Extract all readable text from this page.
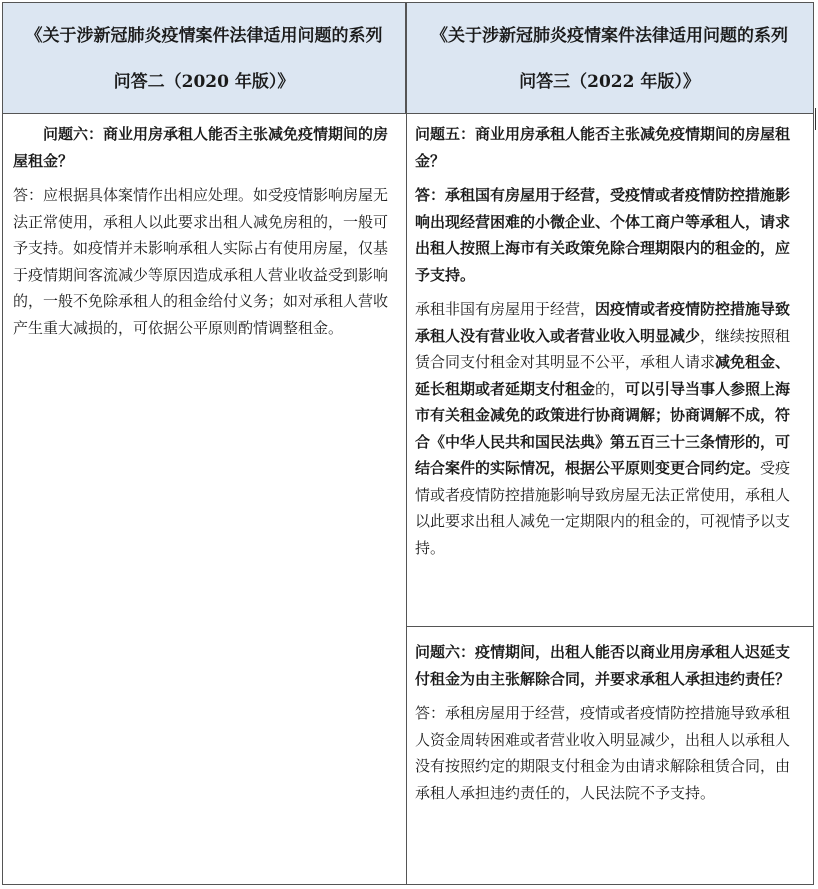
《关于涉新冠肺炎疫情案件法律适用问题的系列
问答二（2020 年版）》
《关于涉新冠肺炎疫情案件法律适用问题的系列
问答三（2022 年版）》

问题六：商业用房承租人能否主张减免疫情期间的房屋租金？

答：应根据具体案情作出相应处理。如受疫情影响房屋无法正常使用，承租人以此要求出租人减免房租的，一般可予支持。如疫情并未影响承租人实际占有使用房屋，仅基于疫情期间客流减少等原因造成承租人营业收益受到影响的，一般不免除承租人的租金给付义务；如对承租人营收产生重大减损的，可依据公平原则酌情调整租金。

问题五：商业用房承租人能否主张减免疫情期间的房屋租金？

答：承租国有房屋用于经营，受疫情或者疫情防控措施影响出现经营困难的小微企业、个体工商户等承租人，请求出租人按照上海市有关政策免除合理期限内的租金的，应予支持。

承租非国有房屋用于经营，因疫情或者疫情防控措施导致承租人没有营业收入或者营业收入明显减少，继续按照租赁合同支付租金对其明显不公平，承租人请求减免租金、延长租期或者延期支付租金的，可以引导当事人参照上海市有关租金减免的政策进行协商调解；协商调解不成，符合《中华人民共和国民法典》第五百三十三条情形的，可结合案件的实际情况，根据公平原则变更合同约定。受疫情或者疫情防控措施影响导致房屋无法正常使用，承租人以此要求出租人减免一定期限内的租金的，可视情予以支持。

问题六：疫情期间，出租人能否以商业用房承租人迟延支付租金为由主张解除合同，并要求承租人承担违约责任？

答：承租房屋用于经营，疫情或者疫情防控措施导致承租人资金周转困难或者营业收入明显减少，出租人以承租人没有按照约定的期限支付租金为由请求解除租赁合同，由承租人承担违约责任的，人民法院不予支持。
